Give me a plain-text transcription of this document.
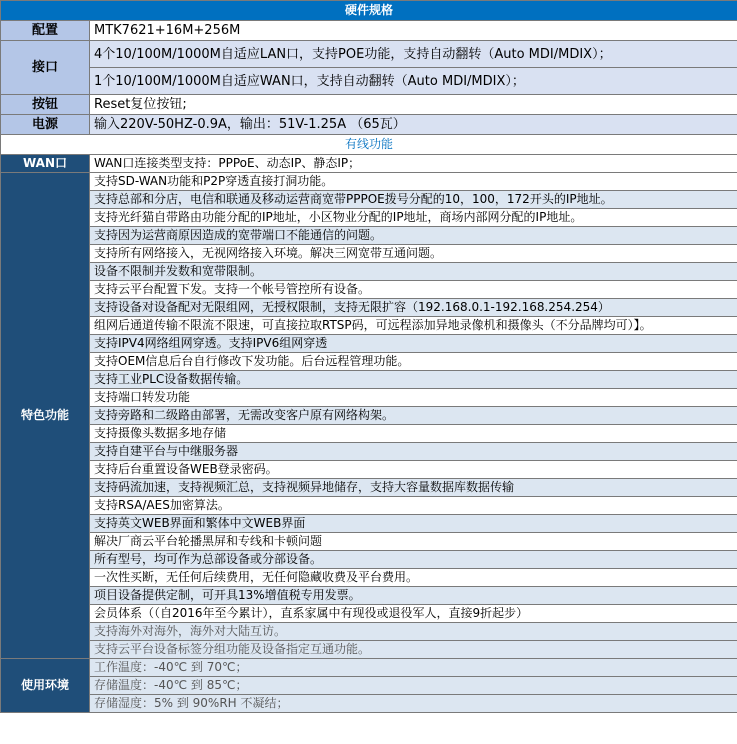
硬件规格	
配置	MTK7621+16M+256M
接口	4个10/100M/1000M自适应LAN口，支持POE功能，支持自动翻转（Auto MDI/MDIX）；
	1个10/100M/1000M自适应WAN口，支持自动翻转（Auto MDI/MDIX）；
按钮	Reset复位按钮;
电源	输入220V-50HZ-0.9A，输出：51V-1.25A （65瓦）
有线功能	
WAN口	WAN口连接类型支持：PPPoE、动态IP、静态IP；
特色功能	支持SD-WAN功能和P2P穿透直接打洞功能。
	支持总部和分店，电信和联通及移动运营商宽带PPPOE拨号分配的10，100，172开头的IP地址。
	支持光纤猫自带路由功能分配的IP地址，小区物业分配的IP地址，商场内部网分配的IP地址。
	支持因为运营商原因造成的宽带端口不能通信的问题。
	支持所有网络接入，无视网络接入环境。解决三网宽带互通问题。
	设备不限制并发数和宽带限制。
	支持云平台配置下发。支持一个帐号管控所有设备。
	支持设备对设备配对无限组网，无授权限制，支持无限扩容（192.168.0.1-192.168.254.254）
	组网后通道传输不限流不限速，可直接拉取RTSP码，可远程添加异地录像机和摄像头（不分品牌均可）】。
	支持IPV4网络组网穿透。支持IPV6组网穿透
	支持OEM信息后台自行修改下发功能。后台远程管理功能。
	支持工业PLC设备数据传输。
	支持端口转发功能
	支持旁路和二级路由部署，无需改变客户原有网络构架。
	支持摄像头数据多地存储
	支持自建平台与中继服务器
	支持后台重置设备WEB登录密码。
	支持码流加速，支持视频汇总，支持视频异地储存，支持大容量数据库数据传输
	支持RSA/AES加密算法。
	支持英文WEB界面和繁体中文WEB界面
	解决厂商云平台轮播黑屏和专线和卡顿问题
	所有型号，均可作为总部设备或分部设备。
	一次性买断，无任何后续费用，无任何隐藏收费及平台费用。
	项目设备提供定制，可开具13%增值税专用发票。
	会员体系（（自2016年至今累计），直系家属中有现役或退役军人，直接9折起步）
	支持海外对海外，海外对大陆互访。
	支持云平台设备标签分组功能及设备指定互通功能。
使用环境	工作温度：-40℃ 到 70℃；
	存储温度：-40℃ 到 85℃；
	存储湿度：5% 到 90%RH 不凝结；
